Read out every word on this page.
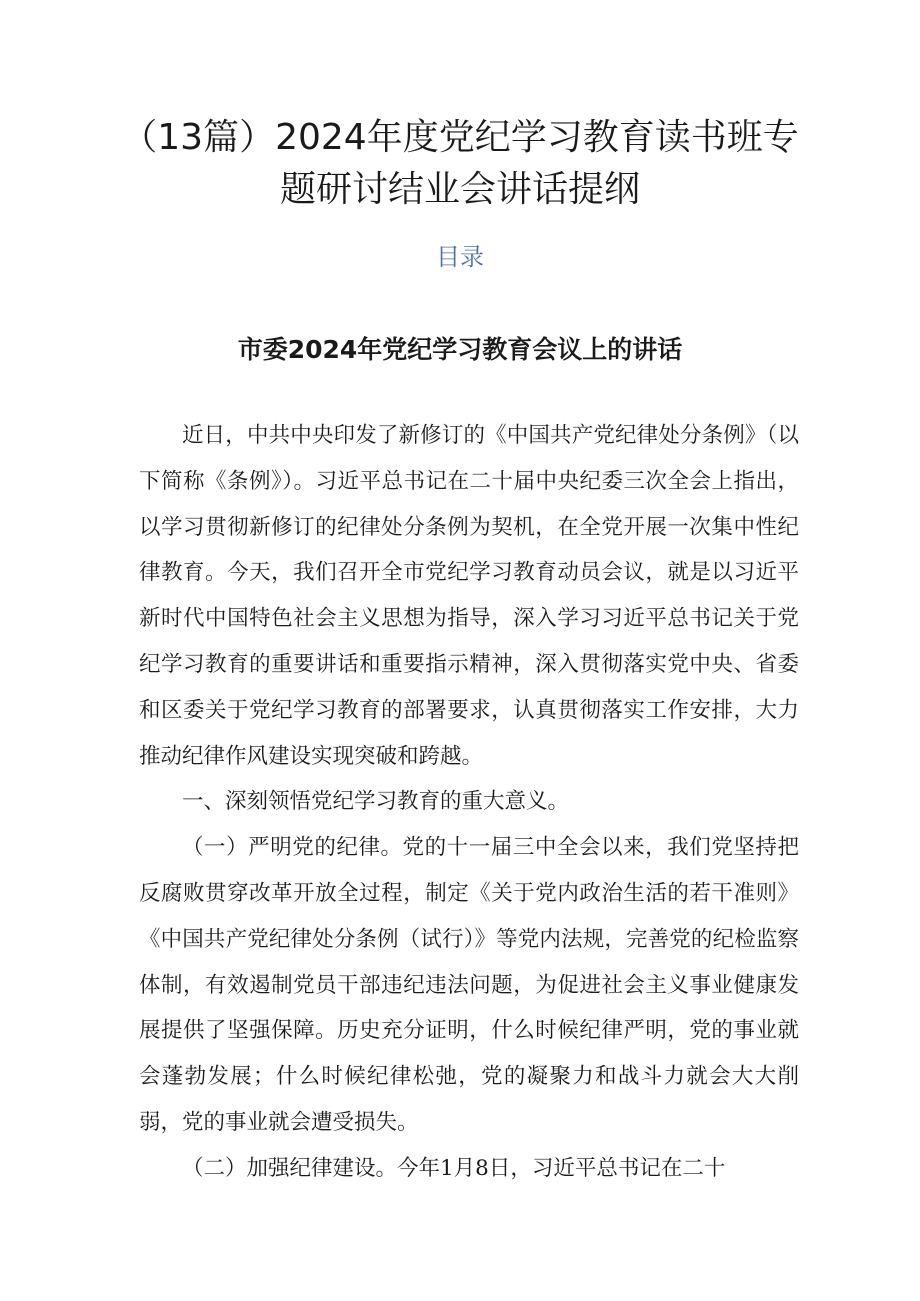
（13篇）2024年度党纪学习教育读书班专
题研讨结业会讲话提纲
目录
市委2024年党纪学习教育会议上的讲话

近日，中共中央印发了新修订的《中国共产党纪律处分条例》（以下简称《条例》）。习近平总书记在二十届中央纪委三次全会上指出，以学习贯彻新修订的纪律处分条例为契机，在全党开展一次集中性纪律教育。今天，我们召开全市党纪学习教育动员会议，就是以习近平新时代中国特色社会主义思想为指导，深入学习习近平总书记关于党纪学习教育的重要讲话和重要指示精神，深入贯彻落实党中央、省委和区委关于党纪学习教育的部署要求，认真贯彻落实工作安排，大力推动纪律作风建设实现突破和跨越。

一、深刻领悟党纪学习教育的重大意义。

（一）严明党的纪律。党的十一届三中全会以来，我们党坚持把反腐败贯穿改革开放全过程，制定《关于党内政治生活的若干准则》《中国共产党纪律处分条例（试行）》等党内法规，完善党的纪检监察体制，有效遏制党员干部违纪违法问题，为促进社会主义事业健康发展提供了坚强保障。历史充分证明，什么时候纪律严明，党的事业就会蓬勃发展；什么时候纪律松弛，党的凝聚力和战斗力就会大大削弱，党的事业就会遭受损失。

（二）加强纪律建设。今年1月8日，习近平总书记在二十
